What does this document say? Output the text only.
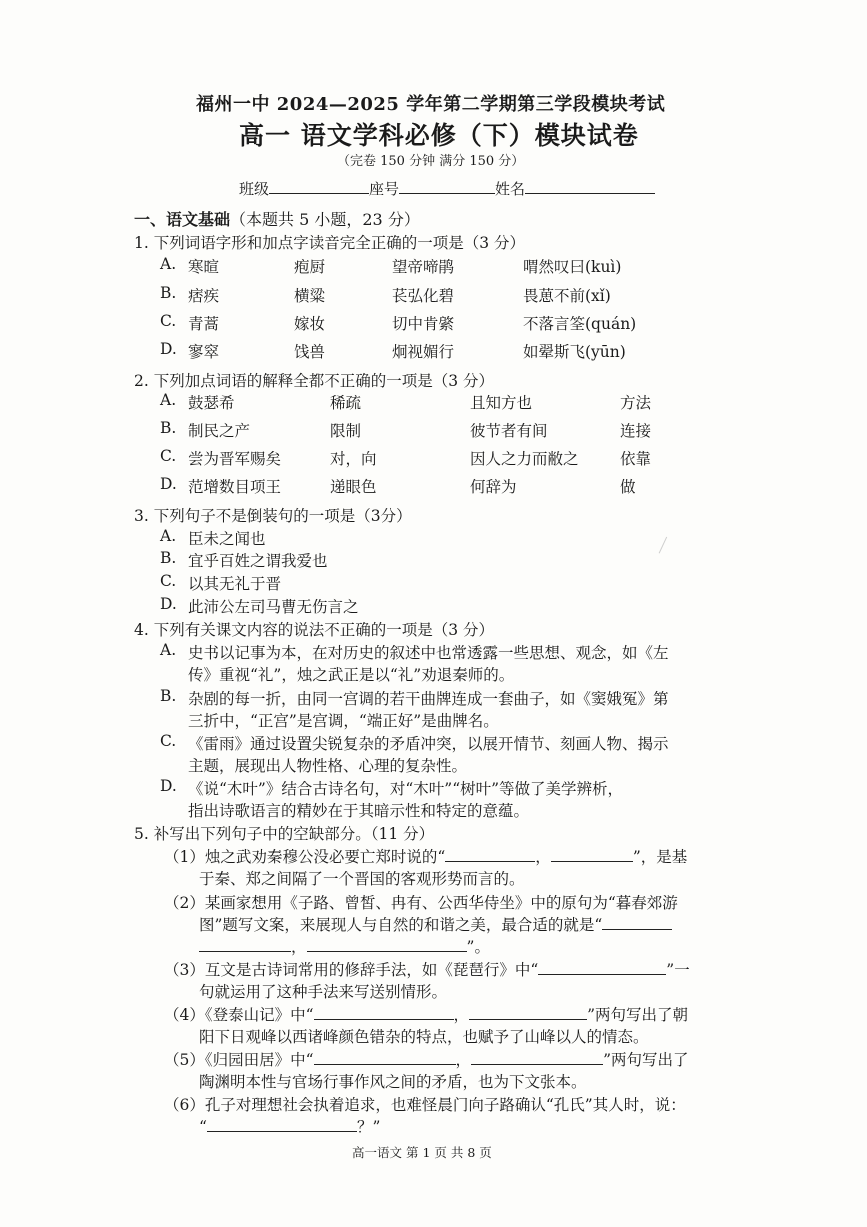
福州一中 2024—2025 学年第二学期第三学段模块考试
高一 语文学科必修（下）模块试卷
（完卷 150 分钟 满分 150 分）
班级	座号	姓名
一、语文基础（本题共 5 小题，23 分）
1. 下列词语字形和加点字读音完全正确的一项是（3 分）
A. 寒暄	疱厨	望帝啼鹃	喟然叹曰(kuì)
B. 痞疾	横粱	苌弘化碧	畏葸不前(xǐ)
C. 青蒿	嫁妆	切中肯綮	不落言筌(quán)
D. 寥窣	饯兽	炯视媚行	如翚斯飞(yūn)
2. 下列加点词语的解释全都不正确的一项是（3 分）
A. 鼓瑟希	稀疏	且知方也	方法
B. 制民之产	限制	彼节者有间	连接
C. 尝为晋军赐矣	对，向	因人之力而敝之	依靠
D. 范增数目项王	递眼色	何辞为	做
3. 下列句子不是倒装句的一项是（3分）
A. 臣未之闻也
B. 宜乎百姓之谓我爱也
C. 以其无礼于晋
D. 此沛公左司马曹无伤言之
4. 下列有关课文内容的说法不正确的一项是（3 分）
A. 史书以记事为本，在对历史的叙述中也常透露一些思想、观念，如《左
传》重视“礼”，烛之武正是以“礼”劝退秦师的。
B. 杂剧的每一折，由同一宫调的若干曲牌连成一套曲子，如《窦娥冤》第
三折中，“正宫”是宫调，“端正好”是曲牌名。
C. 《雷雨》通过设置尖锐复杂的矛盾冲突，以展开情节、刻画人物、揭示
主题，展现出人物性格、心理的复杂性。
D. 《说“木叶”》结合古诗名句，对“木叶”“树叶”等做了美学辨析，
指出诗歌语言的精妙在于其暗示性和特定的意蕴。
5. 补写出下列句子中的空缺部分。（11 分）
（1）烛之武劝秦穆公没必要亡郑时说的“	，	”，是基
于秦、郑之间隔了一个晋国的客观形势而言的。
（2）某画家想用《子路、曾皙、冉有、公西华侍坐》中的原句为“暮春郊游
图”题写文案，来展现人与自然的和谐之美，最合适的就是“
，	”。
（3）互文是古诗词常用的修辞手法，如《琵琶行》中“	”一
句就运用了这种手法来写送别情形。
（4）《登泰山记》中“	，	”两句写出了朝
阳下日观峰以西诸峰颜色错杂的特点，也赋予了山峰以人的情态。
（5）《归园田居》中“	，	”两句写出了
陶渊明本性与官场行事作风之间的矛盾，也为下文张本。
（6）孔子对理想社会执着追求，也难怪晨门向子路确认“孔氏”其人时，说：
“	？”
高一语文 第 1 页 共 8 页
